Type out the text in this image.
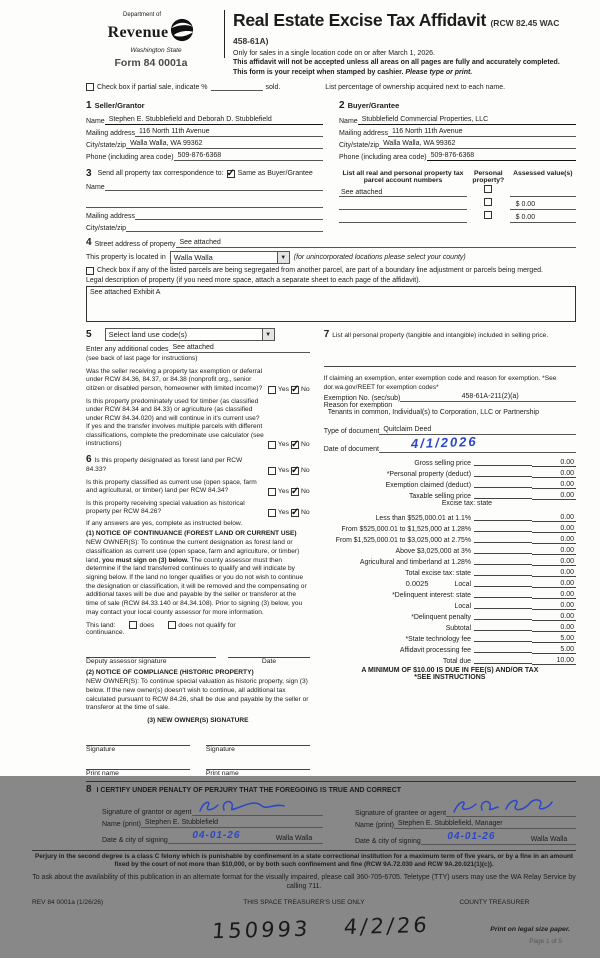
Department of
Revenue
Washington State
Form 84 0001a
Real Estate Excise Tax Affidavit (RCW 82.45 WAC 458-61A)
Only for sales in a single location code on or after March 1, 2026.
This affidavit will not be accepted unless all areas on all pages are fully and accurately completed.
This form is your receipt when stamped by cashier. Please type or print.
Check box if partial sale, indicate %	sold.	List percentage of ownership acquired next to each name.
1 Seller/Grantor
Name Stephen E. Stubblefield and Deborah D. Stubblefield
Mailing address 116 North 11th Avenue
City/state/zip Walla Walla, WA 99362
Phone (including area code) 509-876-6368
2 Buyer/Grantee
Name Stubblefield Commercial Properties, LLC
Mailing address 116 North 11th Avenue
City/state/zip Walla Walla, WA 99362
Phone (including area code) 509-876-6368
3 Send all property tax correspondence to: ✓ Same as Buyer/Grantee
Name
Mailing address
City/state/zip
List all real and personal property tax parcel account numbers
Personal property?
Assessed value(s)
See attached
$ 0.00
$ 0.00
4 Street address of property See attached
This property is located in	Walla Walla	▼	(for unincorporated locations please select your county)
Check box if any of the listed parcels are being segregated from another parcel, are part of a boundary line adjustment or parcels being merged.
Legal description of property (if you need more space, attach a separate sheet to each page of the affidavit).
See attached Exhibit A
5	Select land use code(s)	▼
Enter any additional codes See attached
(see back of last page for instructions)
Was the seller receiving a property tax exemption or deferral under RCW 84.36, 84.37, or 84.38 (nonprofit org., senior citizen or disabled person, homeowner with limited income)? Yes ✓ No
Is this property predominately used for timber (as classified under RCW 84.34 and 84.33) or agriculture (as classified under RCW 84.34.020) and will continue in it's current use? If yes and the transfer involves multiple parcels with different classifications, complete the predominate use calculator (see instructions)	Yes ✓ No
6 Is this property designated as forest land per RCW 84.33?	Yes ✓ No
Is this property classified as current use (open space, farm and agricultural, or timber) land per RCW 84.34?	Yes ✓ No
Is this property receiving special valuation as historical property per RCW 84.26?	Yes ✓ No
If any answers are yes, complete as instructed below.
(1) NOTICE OF CONTINUANCE (FOREST LAND OR CURRENT USE)
NEW OWNER(S): To continue the current designation as forest land or classification as current use (open space, farm and agriculture, or timber) land, you must sign on (3) below. The county assessor must then determine if the land transferred continues to qualify and will indicate by signing below. If the land no longer qualifies or you do not wish to continue the designation or classification, it will be removed and the compensating or additional taxes will be due and payable by the seller or transferor at the time of sale (RCW 84.33.140 or 84.34.108). Prior to signing (3) below, you may contact your local county assessor for more information.
This land:	does	does not qualify for
continuance.
Deputy assessor signature	Date
(2) NOTICE OF COMPLIANCE (HISTORIC PROPERTY)
NEW OWNER(S): To continue special valuation as historic property, sign (3) below. If the new owner(s) doesn't wish to continue, all additional tax calculated pursuant to RCW 84.26, shall be due and payable by the seller or transferor at the time of sale.
(3) NEW OWNER(S) SIGNATURE
Signature	Signature
Print name	Print name
7 List all personal property (tangible and intangible) included in selling price.
If claiming an exemption, enter exemption code and reason for exemption. *See dor.wa.gov/REET for exemption codes*
Exemption No. (sec/sub)	458-61A-211(2)(a)
Reason for exemption
Tenants in common, Individual(s) to Corporation, LLC or Partnership
Type of document Quitclaim Deed
Date of document	4/1/2026
Gross selling price	0.00
*Personal property (deduct)	0.00
Exemption claimed (deduct)	0.00
Taxable selling price	0.00
Excise tax: state
Less than $525,000.01 at 1.1%	0.00
From $525,000.01 to $1,525,000 at 1.28%	0.00
From $1,525,000.01 to $3,025,000 at 2.75%	0.00
Above $3,025,000 at 3%	0.00
Agricultural and timberland at 1.28%	0.00
Total excise tax: state	0.00
0.0025	Local	0.00
*Delinquent interest: state	0.00
Local	0.00
*Delinquent penalty	0.00
Subtotal	0.00
*State technology fee	5.00
Affidavit processing fee	5.00
Total due	10.00
A MINIMUM OF $10.00 IS DUE IN FEE(S) AND/OR TAX
*SEE INSTRUCTIONS
8 I CERTIFY UNDER PENALTY OF PERJURY THAT THE FOREGOING IS TRUE AND CORRECT
Signature of grantor or agent
Name (print) Stephen E. Stubblefield
Date & city of signing	04-01-26	Walla Walla
Signature of grantee or agent
Name (print) Stephen E. Stubblefield, Manager
Date & city of signing	04-01-26	Walla Walla
Perjury in the second degree is a class C felony which is punishable by confinement in a state correctional institution for a maximum term of five years, or by a fine in an amount fixed by the court of not more than $10,000, or by both such confinement and fine (RCW 9A.72.030 and RCW 9A.20.021(1)(c)).
To ask about the availability of this publication in an alternate format for the visually impaired, please call 360-705-6705. Teletype (TTY) users may use the WA Relay Service by calling 711.
REV 84 0001a (1/26/26)	THIS SPACE TREASURER'S USE ONLY	COUNTY TREASURER
150993 4/2/26	Print on legal size paper.
Page 1 of 5
